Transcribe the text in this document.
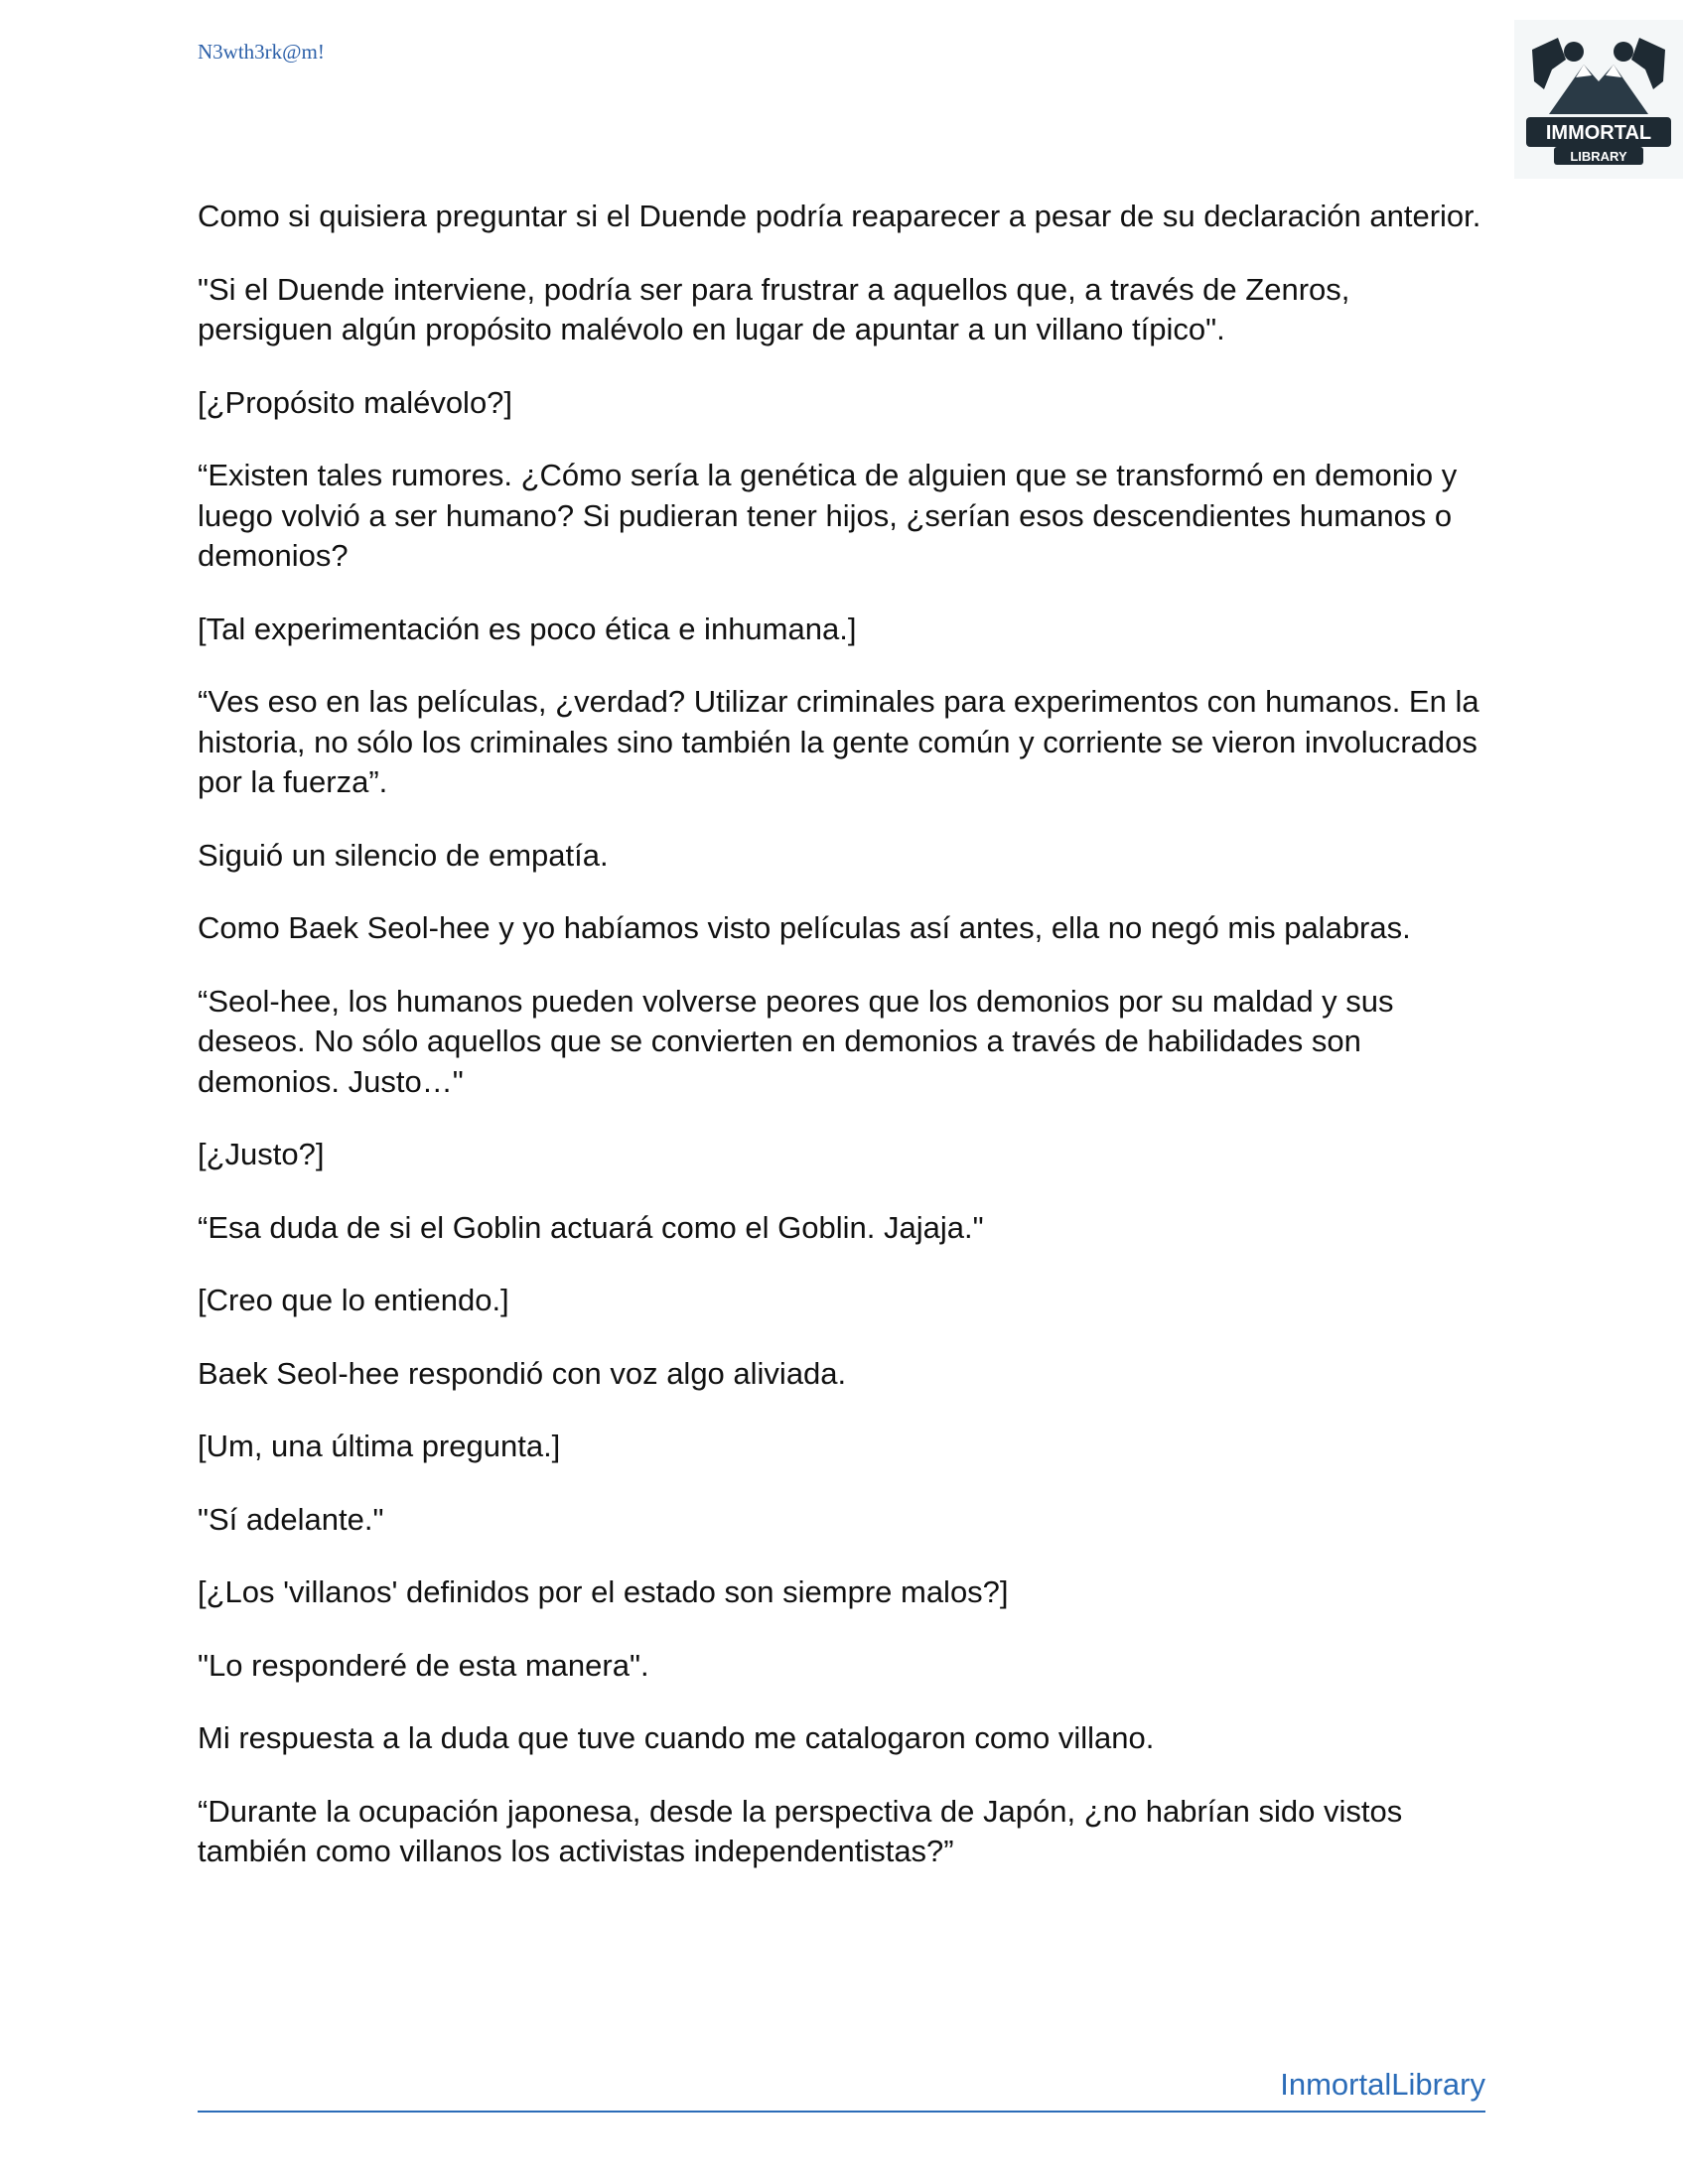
N3wth3rk@m!
IMMORTAL
LIBRARY

Como si quisiera preguntar si el Duende podría reaparecer a pesar de su declaración anterior.

"Si el Duende interviene, podría ser para frustrar a aquellos que, a través de Zenros, persiguen algún propósito malévolo en lugar de apuntar a un villano típico".

[¿Propósito malévolo?]

“Existen tales rumores. ¿Cómo sería la genética de alguien que se transformó en demonio y luego volvió a ser humano? Si pudieran tener hijos, ¿serían esos descendientes humanos o demonios?

[Tal experimentación es poco ética e inhumana.]

“Ves eso en las películas, ¿verdad? Utilizar criminales para experimentos con humanos. En la historia, no sólo los criminales sino también la gente común y corriente se vieron involucrados por la fuerza”.

Siguió un silencio de empatía.

Como Baek Seol-hee y yo habíamos visto películas así antes, ella no negó mis palabras.

“Seol-hee, los humanos pueden volverse peores que los demonios por su maldad y sus deseos. No sólo aquellos que se convierten en demonios a través de habilidades son demonios. Justo…"

[¿Justo?]

“Esa duda de si el Goblin actuará como el Goblin. Jajaja."

[Creo que lo entiendo.]

Baek Seol-hee respondió con voz algo aliviada.

[Um, una última pregunta.]

"Sí adelante."

[¿Los 'villanos' definidos por el estado son siempre malos?]

"Lo responderé de esta manera".

Mi respuesta a la duda que tuve cuando me catalogaron como villano.

“Durante la ocupación japonesa, desde la perspectiva de Japón, ¿no habrían sido vistos también como villanos los activistas independentistas?”

InmortalLibrary
